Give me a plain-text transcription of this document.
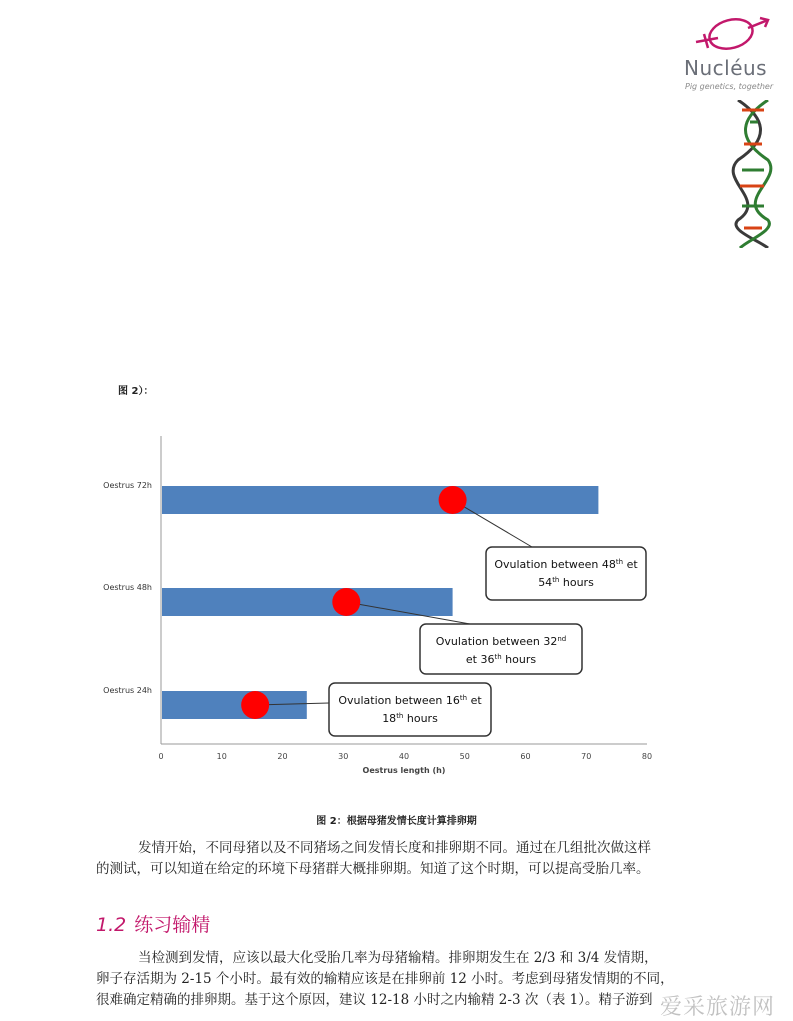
Nucléus
Pig genetics, together
图 2）：
Oestrus 72h
Oestrus 48h
Oestrus 24h
0	10	20	30	40	50	60	70	80
Ovulation between 48th et
54th hours
Ovulation between 32nd
et 36th hours
Ovulation between 16th et
18th hours
Oestrus length (h)
图 2：根据母猪发情长度计算排卵期
发情开始，不同母猪以及不同猪场之间发情长度和排卵期不同。通过在几组批次做这样
的测试，可以知道在给定的环境下母猪群大概排卵期。知道了这个时期，可以提高受胎几率。
1.2 练习输精
当检测到发情，应该以最大化受胎几率为母猪输精。排卵期发生在 2/3 和 3/4 发情期，
卵子存活期为 2-15 个小时。最有效的输精应该是在排卵前 12 小时。考虑到母猪发情期的不同，
很难确定精确的排卵期。基于这个原因，建议 12-18 小时之内输精 2-3 次（表 1）。精子游到 爱采旅游网
